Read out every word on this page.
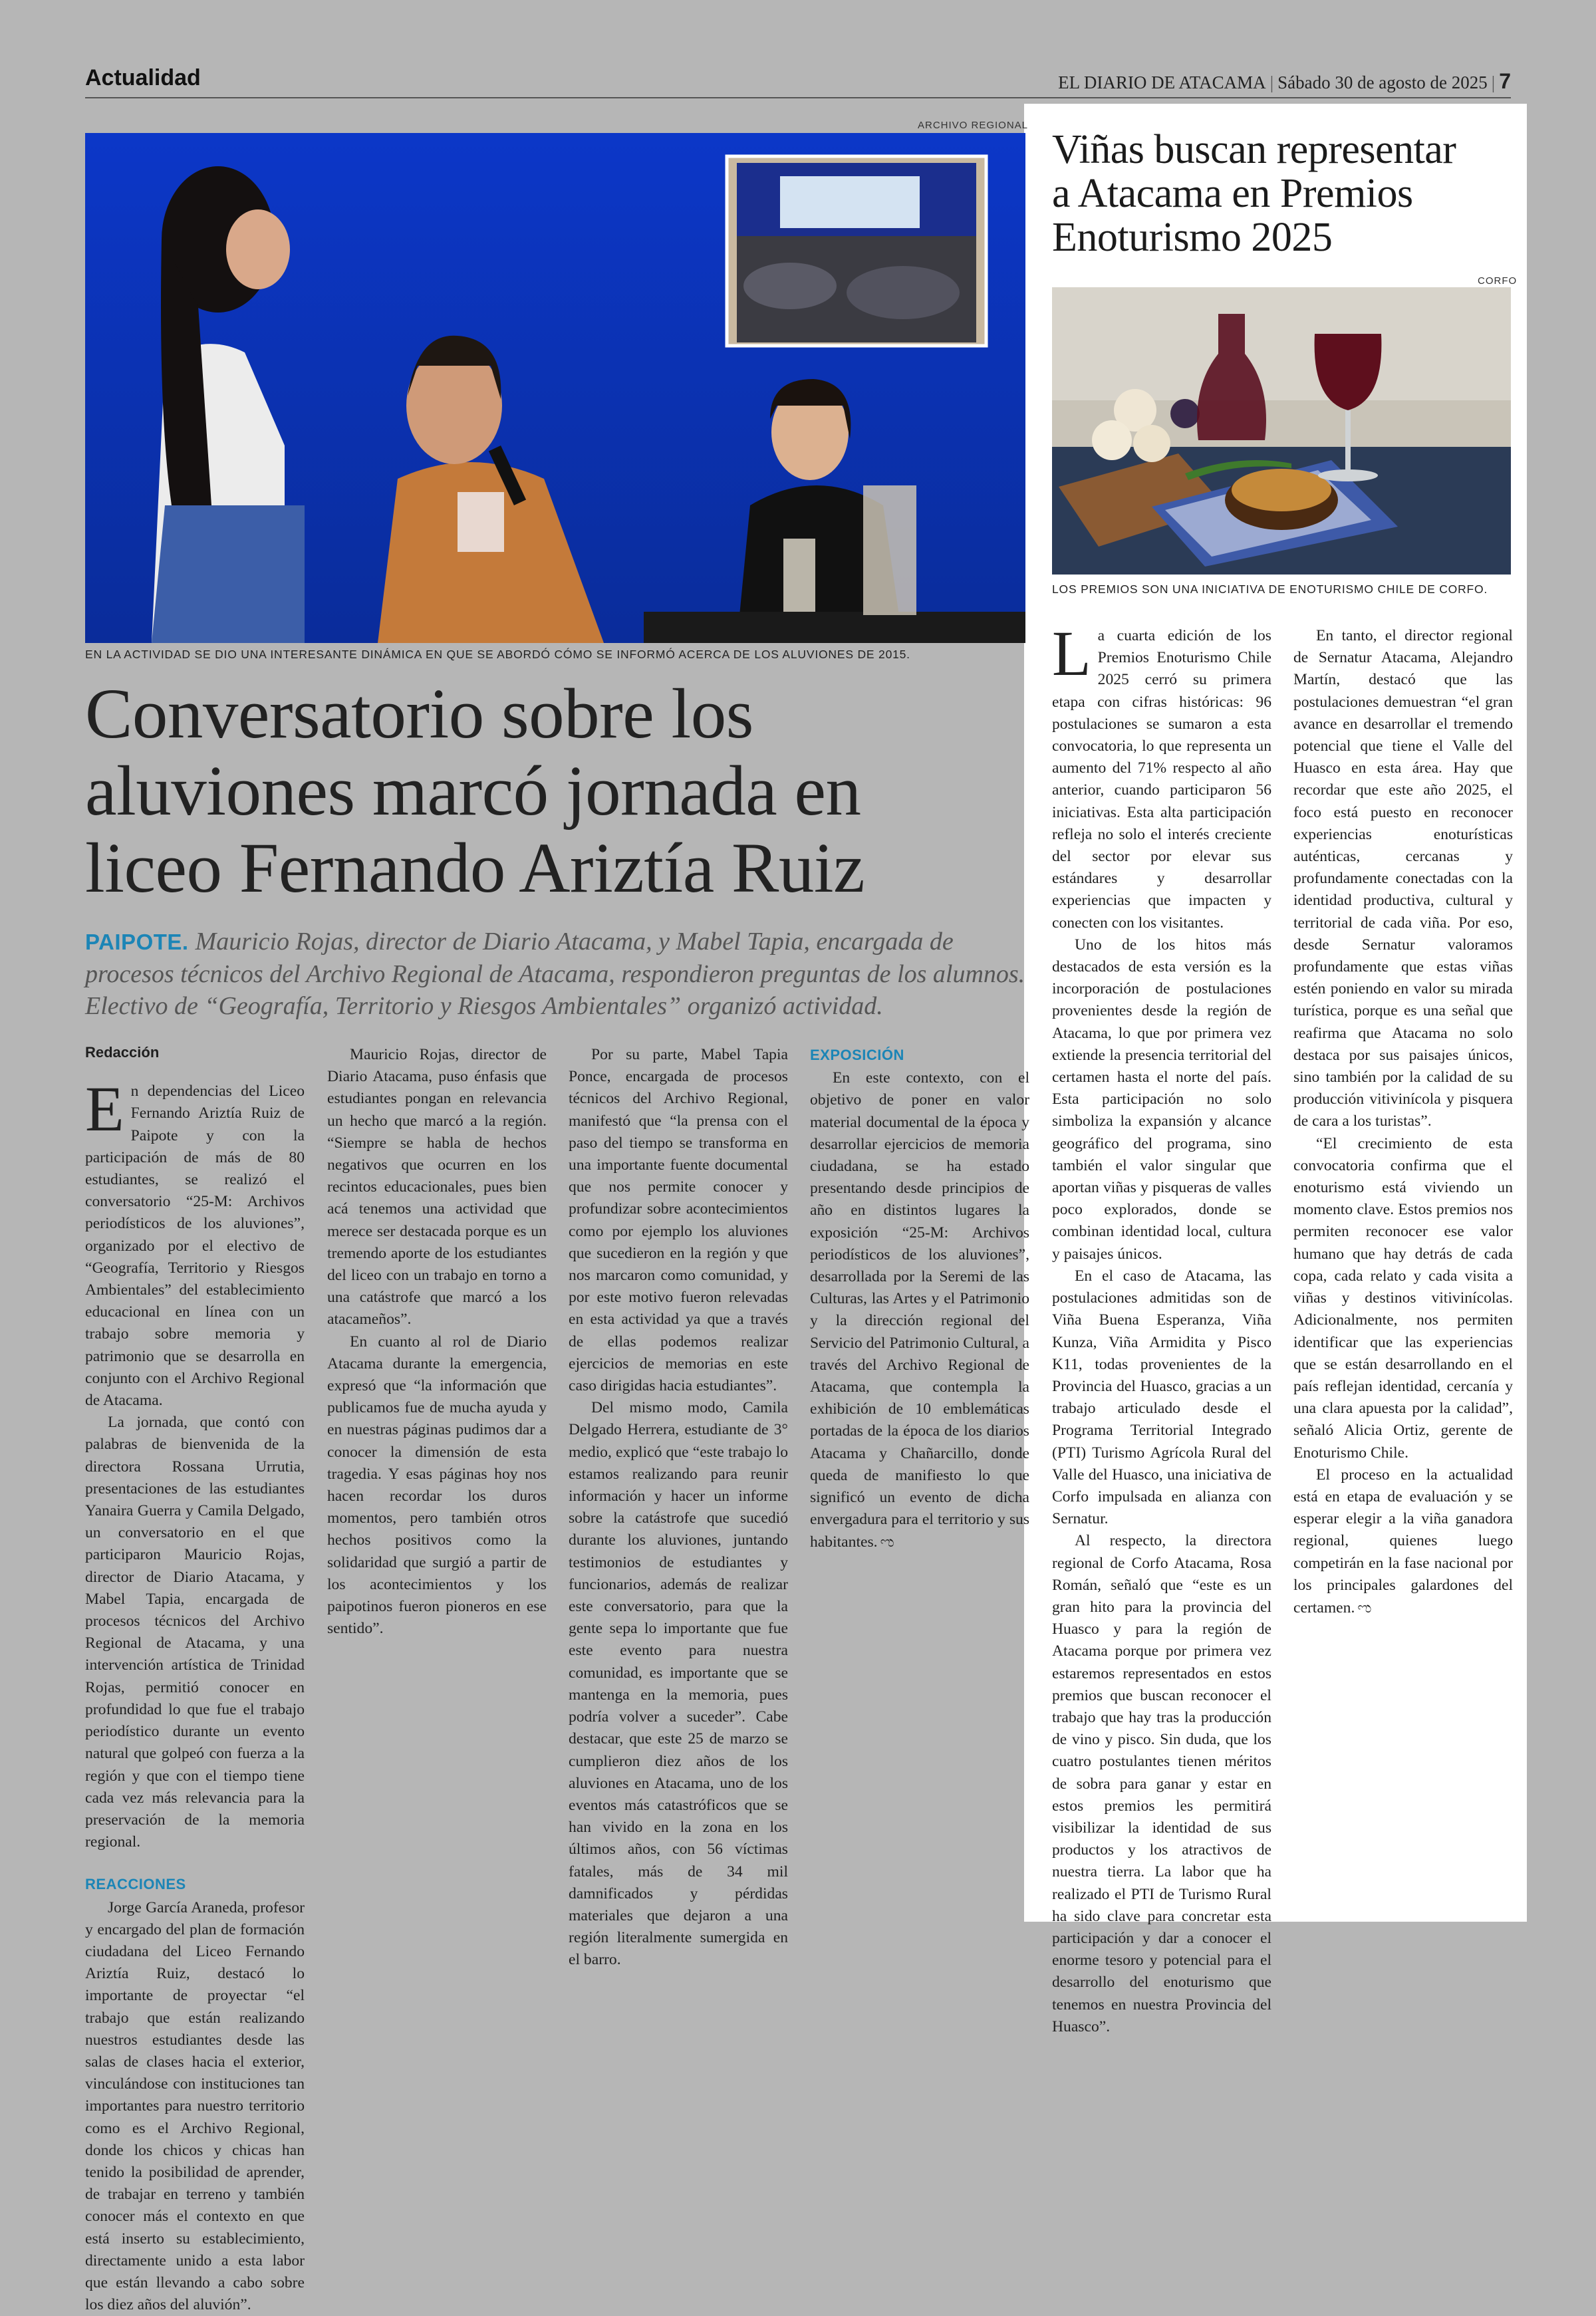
Actualidad	EL DIARIO DE ATACAMA | Sábado 30 de agosto de 2025 | 7
ARCHIVO REGIONAL
EN LA ACTIVIDAD SE DIO UNA INTERESANTE DINÁMICA EN QUE SE ABORDÓ CÓMO SE INFORMÓ ACERCA DE LOS ALUVIONES DE 2015.
Conversatorio sobre los
aluviones marcó jornada en
liceo Fernando Ariztía Ruiz
PAIPOTE. Mauricio Rojas, director de Diario Atacama, y Mabel Tapia, encargada de procesos técnicos del Archivo Regional de Atacama, respondieron preguntas de los alumnos. Electivo de “Geografía, Territorio y Riesgos Ambientales” organizó actividad.

Redacción

En dependencias del Liceo Fernando Ariztía Ruiz de Paipote y con la participación de más de 80 estudiantes, se realizó el conversatorio “25-M: Archivos periodísticos de los aluviones”, organizado por el electivo de “Geografía, Territorio y Riesgos Ambientales” del establecimiento educacional en línea con un trabajo sobre memoria y patrimonio que se desarrolla en conjunto con el Archivo Regional de Atacama.

La jornada, que contó con palabras de bienvenida de la directora Rossana Urrutia, presentaciones de las estudiantes Yanaira Guerra y Camila Delgado, un conversatorio en el que participaron Mauricio Rojas, director de Diario Atacama, y Mabel Tapia, encargada de procesos técnicos del Archivo Regional de Atacama, y una intervención artística de Trinidad Rojas, permitió conocer en profundidad lo que fue el trabajo periodístico durante un evento natural que golpeó con fuerza a la región y que con el tiempo tiene cada vez más relevancia para la preservación de la memoria regional.

REACCIONES

Jorge García Araneda, profesor y encargado del plan de formación ciudadana del Liceo Fernando Ariztía Ruiz, destacó lo importante de proyectar “el trabajo que están realizando nuestros estudiantes desde las salas de clases hacia el exterior, vinculándose con instituciones tan importantes para nuestro territorio como es el Archivo Regional, donde los chicos y chicas han tenido la posibilidad de aprender, de trabajar en terreno y también conocer más el contexto en que está inserto su establecimiento, directamente unido a esta labor que están llevando a cabo sobre los diez años del aluvión”.

Mauricio Rojas, director de Diario Atacama, puso énfasis que estudiantes pongan en relevancia un hecho que marcó a la región. “Siempre se habla de hechos negativos que ocurren en los recintos educacionales, pues bien acá tenemos una actividad que merece ser destacada porque es un tremendo aporte de los estudiantes del liceo con un trabajo en torno a una catástrofe que marcó a los atacameños”.

En cuanto al rol de Diario Atacama durante la emergencia, expresó que “la información que publicamos fue de mucha ayuda y en nuestras páginas pudimos dar a conocer la dimensión de esta tragedia. Y esas páginas hoy nos hacen recordar los duros momentos, pero también otros hechos positivos como la solidaridad que surgió a partir de los acontecimientos y los paipotinos fueron pioneros en ese sentido”.

Por su parte, Mabel Tapia Ponce, encargada de procesos técnicos del Archivo Regional, manifestó que “la prensa con el paso del tiempo se transforma en una importante fuente documental que nos permite conocer y profundizar sobre acontecimientos como por ejemplo los aluviones que sucedieron en la región y que nos marcaron como comunidad, y por este motivo fueron relevadas en esta actividad ya que a través de ellas podemos realizar ejercicios de memorias en este caso dirigidas hacia estudiantes”.

Del mismo modo, Camila Delgado Herrera, estudiante de 3° medio, explicó que “este trabajo lo estamos realizando para reunir información y hacer un informe sobre la catástrofe que sucedió durante los aluviones, juntando testimonios de estudiantes y funcionarios, además de realizar este conversatorio, para que la gente sepa lo importante que fue este evento para nuestra comunidad, es importante que se mantenga en la memoria, pues podría volver a suceder”. Cabe destacar, que este 25 de marzo se cumplieron diez años de los aluviones en Atacama, uno de los eventos más catastróficos que se han vivido en la zona en los últimos años, con 56 víctimas fatales, más de 34 mil damnificados y pérdidas materiales que dejaron a una región literalmente sumergida en el barro.

EXPOSICIÓN

En este contexto, con el objetivo de poner en valor material documental de la época y desarrollar ejercicios de memoria ciudadana, se ha estado presentando desde principios de año en distintos lugares la exposición “25-M: Archivos periodísticos de los aluviones”, desarrollada por la Seremi de las Culturas, las Artes y el Patrimonio y la dirección regional del Servicio del Patrimonio Cultural, a través del Archivo Regional de Atacama, que contempla la exhibición de 10 emblemáticas portadas de la época de los diarios Atacama y Chañarcillo, donde queda de manifiesto lo que significó un evento de dicha envergadura para el territorio y sus habitantes. ಌ

Viñas buscan representar
a Atacama en Premios
Enoturismo 2025
CORFO
LOS PREMIOS SON UNA INICIATIVA DE ENOTURISMO CHILE DE CORFO.

La cuarta edición de los Premios Enoturismo Chile 2025 cerró su primera etapa con cifras históricas: 96 postulaciones se sumaron a esta convocatoria, lo que representa un aumento del 71% respecto al año anterior, cuando participaron 56 iniciativas. Esta alta participación refleja no solo el interés creciente del sector por elevar sus estándares y desarrollar experiencias que impacten y conecten con los visitantes.

Uno de los hitos más destacados de esta versión es la incorporación de postulaciones provenientes desde la región de Atacama, lo que por primera vez extiende la presencia territorial del certamen hasta el norte del país. Esta participación no solo simboliza la expansión y alcance geográfico del programa, sino también el valor singular que aportan viñas y pisqueras de valles poco explorados, donde se combinan identidad local, cultura y paisajes únicos.

En el caso de Atacama, las postulaciones admitidas son de Viña Buena Esperanza, Viña Kunza, Viña Armidita y Pisco K11, todas provenientes de la Provincia del Huasco, gracias a un trabajo articulado desde el Programa Territorial Integrado (PTI) Turismo Agrícola Rural del Valle del Huasco, una iniciativa de Corfo impulsada en alianza con Sernatur.

Al respecto, la directora regional de Corfo Atacama, Rosa Román, señaló que “este es un gran hito para la provincia del Huasco y para la región de Atacama porque por primera vez estaremos representados en estos premios que buscan reconocer el trabajo que hay tras la producción de vino y pisco. Sin duda, que los cuatro postulantes tienen méritos de sobra para ganar y estar en estos premios les permitirá visibilizar la identidad de sus productos y los atractivos de nuestra tierra. La labor que ha realizado el PTI de Turismo Rural ha sido clave para concretar esta participación y dar a conocer el enorme tesoro y potencial para el desarrollo del enoturismo que tenemos en nuestra Provincia del Huasco”.

En tanto, el director regional de Sernatur Atacama, Alejandro Martín, destacó que las postulaciones demuestran “el gran avance en desarrollar el tremendo potencial que tiene el Valle del Huasco en esta área. Hay que recordar que este año 2025, el foco está puesto en reconocer experiencias enoturísticas auténticas, cercanas y profundamente conectadas con la identidad productiva, cultural y territorial de cada viña. Por eso, desde Sernatur valoramos profundamente que estas viñas estén poniendo en valor su mirada turística, porque es una señal que reafirma que Atacama no solo destaca por sus paisajes únicos, sino también por la calidad de su producción vitivinícola y pisquera de cara a los turistas”.

“El crecimiento de esta convocatoria confirma que el enoturismo está viviendo un momento clave. Estos premios nos permiten reconocer ese valor humano que hay detrás de cada copa, cada relato y cada visita a viñas y destinos vitivinícolas. Adicionalmente, nos permiten identificar que las experiencias que se están desarrollando en el país reflejan identidad, cercanía y una clara apuesta por la calidad”, señaló Alicia Ortiz, gerente de Enoturismo Chile.

El proceso en la actualidad está en etapa de evaluación y se esperar elegir a la viña ganadora regional, quienes luego competirán en la fase nacional por los principales galardones del certamen. ಌ
